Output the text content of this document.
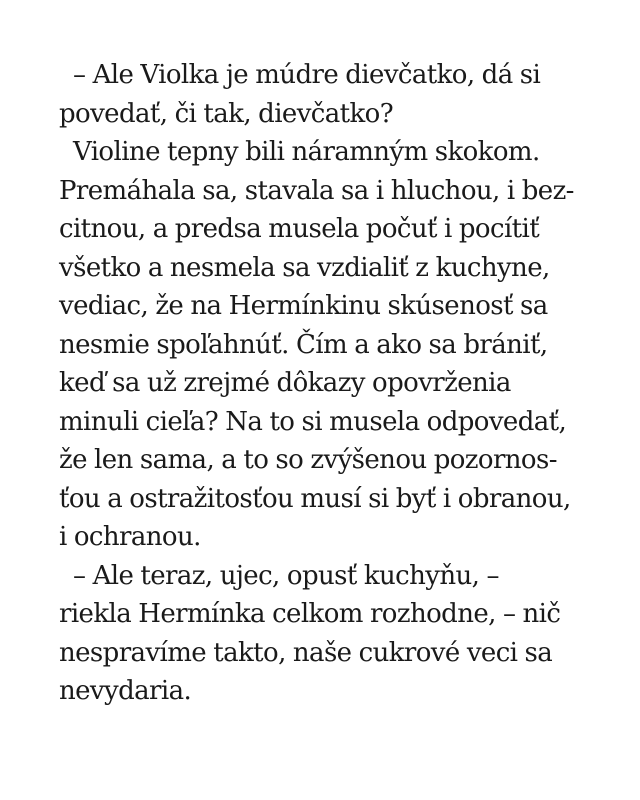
– Ale Violka je múdre dievčatko, dá si
povedať, či tak, dievčatko?
Violine tepny bili náramným skokom.
Premáhala sa, stavala sa i hluchou, i bez-
citnou, a predsa musela počuť i pocítiť
všetko a nesmela sa vzdialiť z kuchyne,
vediac, že na Hermínkinu skúsenosť sa
nesmie spoľahnúť. Čím a ako sa brániť,
keď sa už zrejmé dôkazy opovrženia
minuli cieľa? Na to si musela odpovedať,
že len sama, a to so zvýšenou pozornos-
ťou a ostražitosťou musí si byť i obranou,
i ochranou.
– Ale teraz, ujec, opusť kuchyňu, –
riekla Hermínka celkom rozhodne, – nič
nespravíme takto, naše cukrové veci sa
nevydaria.
